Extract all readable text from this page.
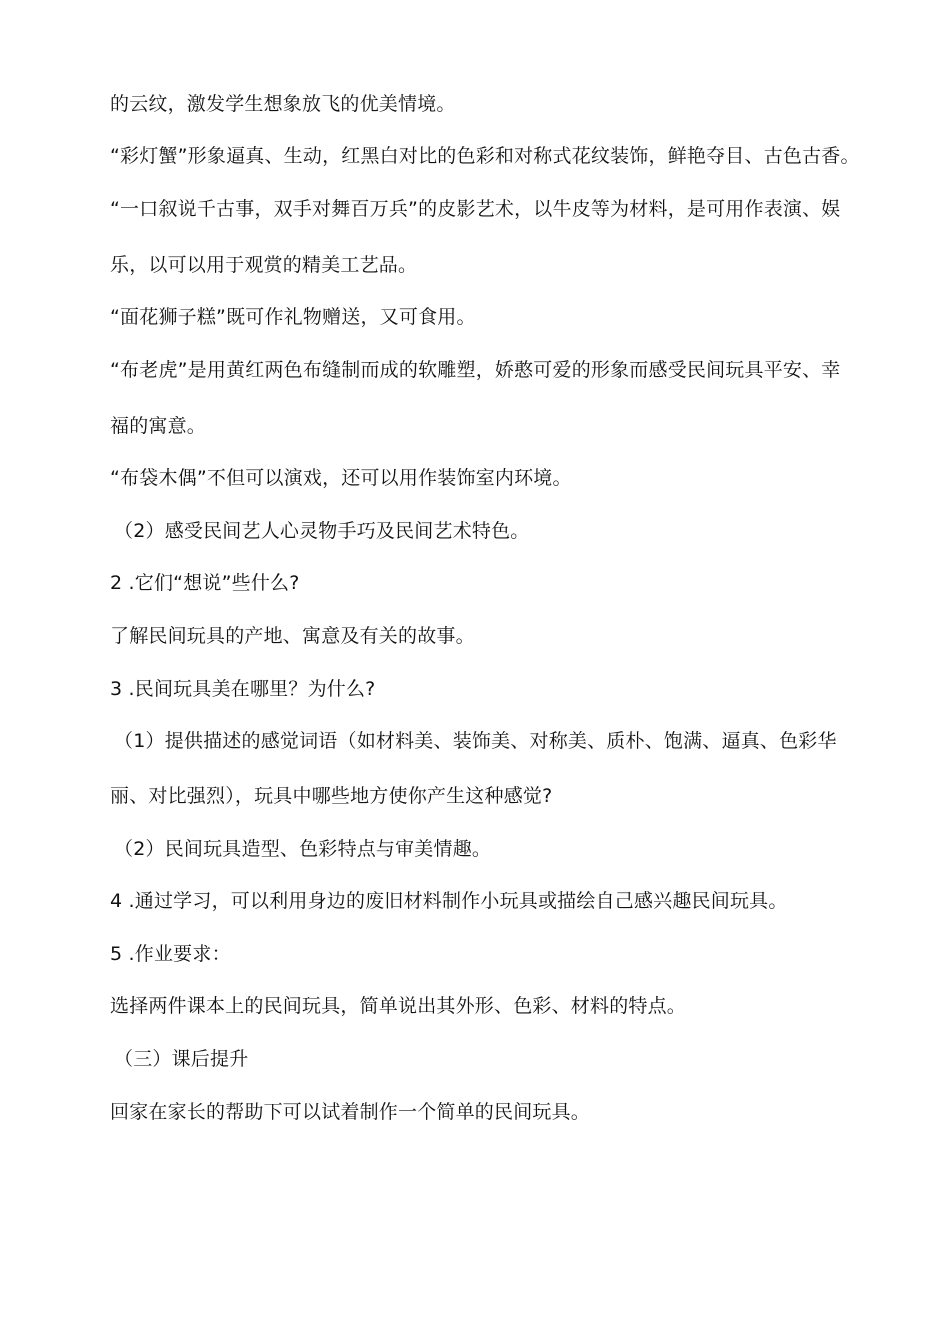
的云纹，激发学生想象放飞的优美情境。
“彩灯蟹”形象逼真、生动，红黑白对比的色彩和对称式花纹装饰，鲜艳夺目、古色古香。
“一口叙说千古事，双手对舞百万兵”的皮影艺术，以牛皮等为材料，是可用作表演、娱
乐，以可以用于观赏的精美工艺品。
“面花狮子糕”既可作礼物赠送，又可食用。
“布老虎”是用黄红两色布缝制而成的软雕塑，娇憨可爱的形象而感受民间玩具平安、幸
福的寓意。
“布袋木偶”不但可以演戏，还可以用作装饰室内环境。
（2）感受民间艺人心灵物手巧及民间艺术特色。
2 .它们“想说”些什么?
了解民间玩具的产地、寓意及有关的故事。
3 .民间玩具美在哪里？为什么?
（1）提供描述的感觉词语（如材料美、装饰美、对称美、质朴、饱满、逼真、色彩华
丽、对比强烈），玩具中哪些地方使你产生这种感觉?
（2）民间玩具造型、色彩特点与审美情趣。
4 .通过学习，可以利用身边的废旧材料制作小玩具或描绘自己感兴趣民间玩具。
5 .作业要求：
选择两件课本上的民间玩具，简单说出其外形、色彩、材料的特点。
（三）课后提升
回家在家长的帮助下可以试着制作一个简单的民间玩具。
